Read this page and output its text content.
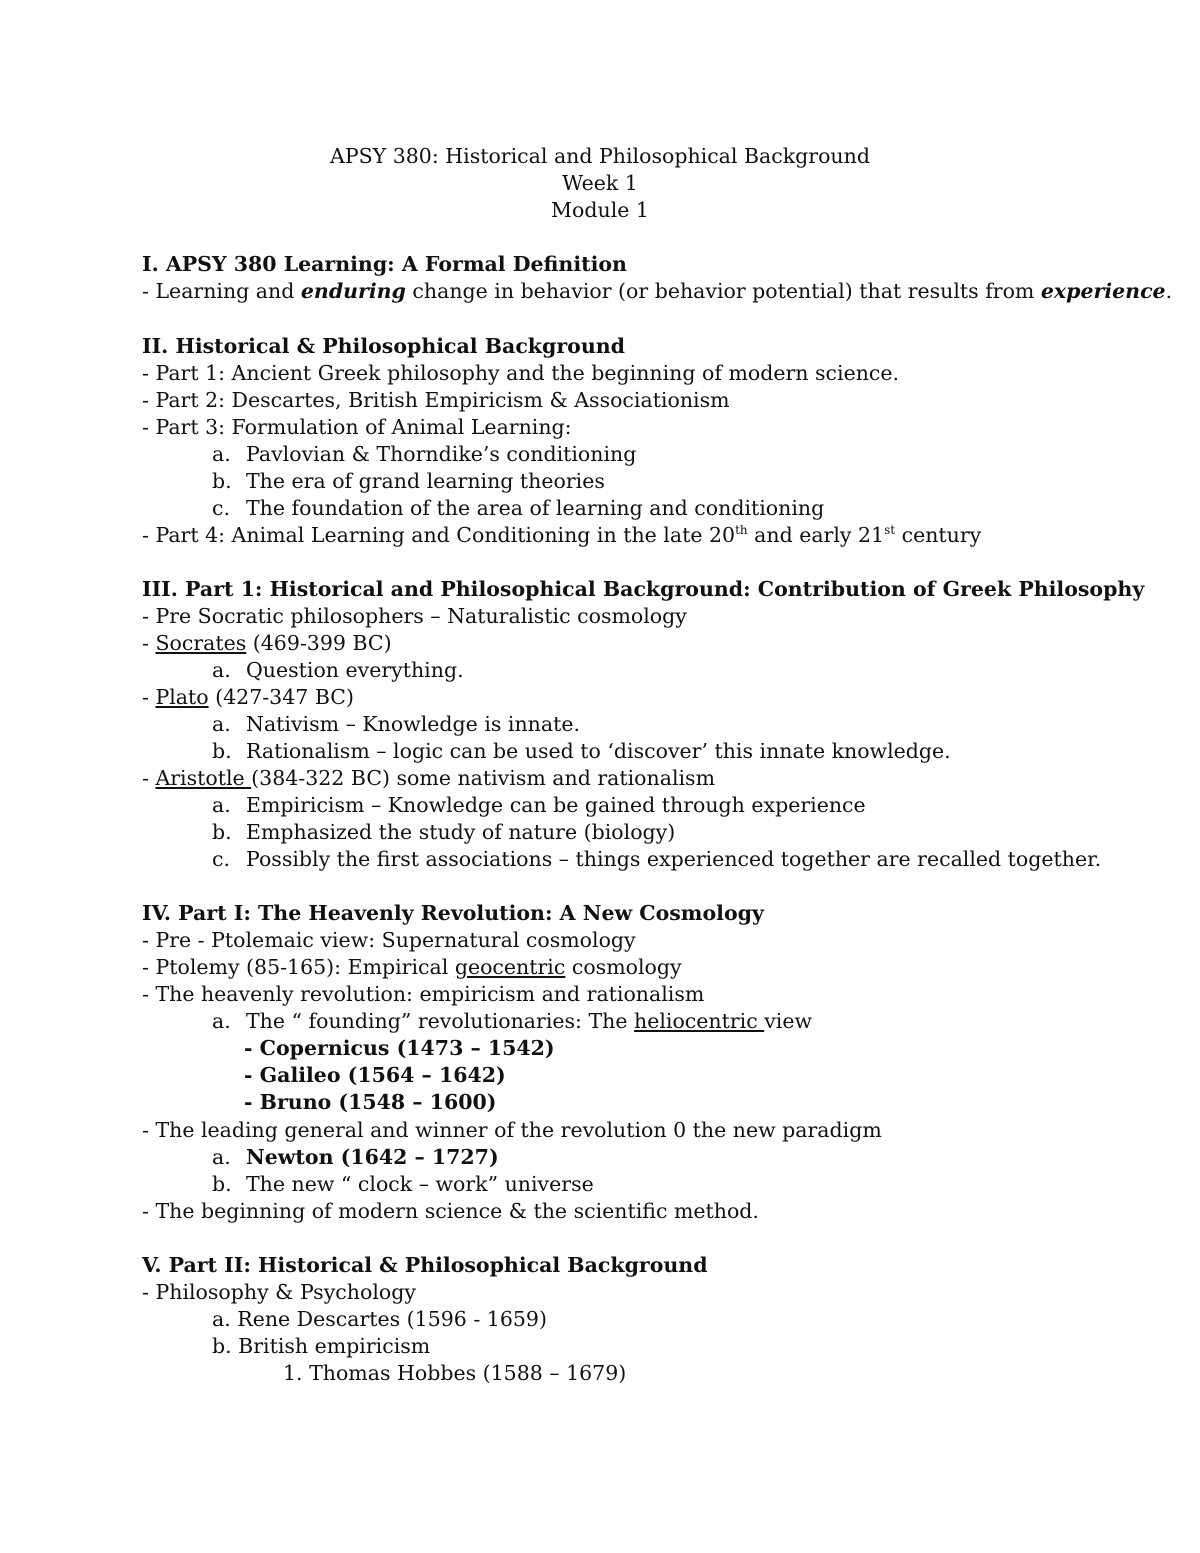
APSY 380: Historical and Philosophical Background
Week 1
Module 1
I. APSY 380 Learning: A Formal Definition
- Learning and enduring change in behavior (or behavior potential) that results from experience.
II. Historical & Philosophical Background
- Part 1: Ancient Greek philosophy and the beginning of modern science.
- Part 2: Descartes, British Empiricism & Associationism
- Part 3: Formulation of Animal Learning:
a. Pavlovian & Thorndike’s conditioning
b. The era of grand learning theories
c. The foundation of the area of learning and conditioning
- Part 4: Animal Learning and Conditioning in the late 20th and early 21st century
III. Part 1: Historical and Philosophical Background: Contribution of Greek Philosophy
- Pre Socratic philosophers – Naturalistic cosmology
- Socrates (469-399 BC)
a. Question everything.
- Plato (427-347 BC)
a. Nativism – Knowledge is innate.
b. Rationalism – logic can be used to ‘discover’ this innate knowledge.
- Aristotle (384-322 BC) some nativism and rationalism
a. Empiricism – Knowledge can be gained through experience
b. Emphasized the study of nature (biology)
c. Possibly the first associations – things experienced together are recalled together.
IV. Part I: The Heavenly Revolution: A New Cosmology
- Pre - Ptolemaic view: Supernatural cosmology
- Ptolemy (85-165): Empirical geocentric cosmology
- The heavenly revolution: empiricism and rationalism
a. The “ founding” revolutionaries: The heliocentric view
- Copernicus (1473 – 1542)
- Galileo (1564 – 1642)
- Bruno (1548 – 1600)
- The leading general and winner of the revolution 0 the new paradigm
a. Newton (1642 – 1727)
b. The new “ clock – work” universe
- The beginning of modern science & the scientific method.
V. Part II: Historical & Philosophical Background
- Philosophy & Psychology
a. Rene Descartes (1596 - 1659)
b. British empiricism
1. Thomas Hobbes (1588 – 1679)
